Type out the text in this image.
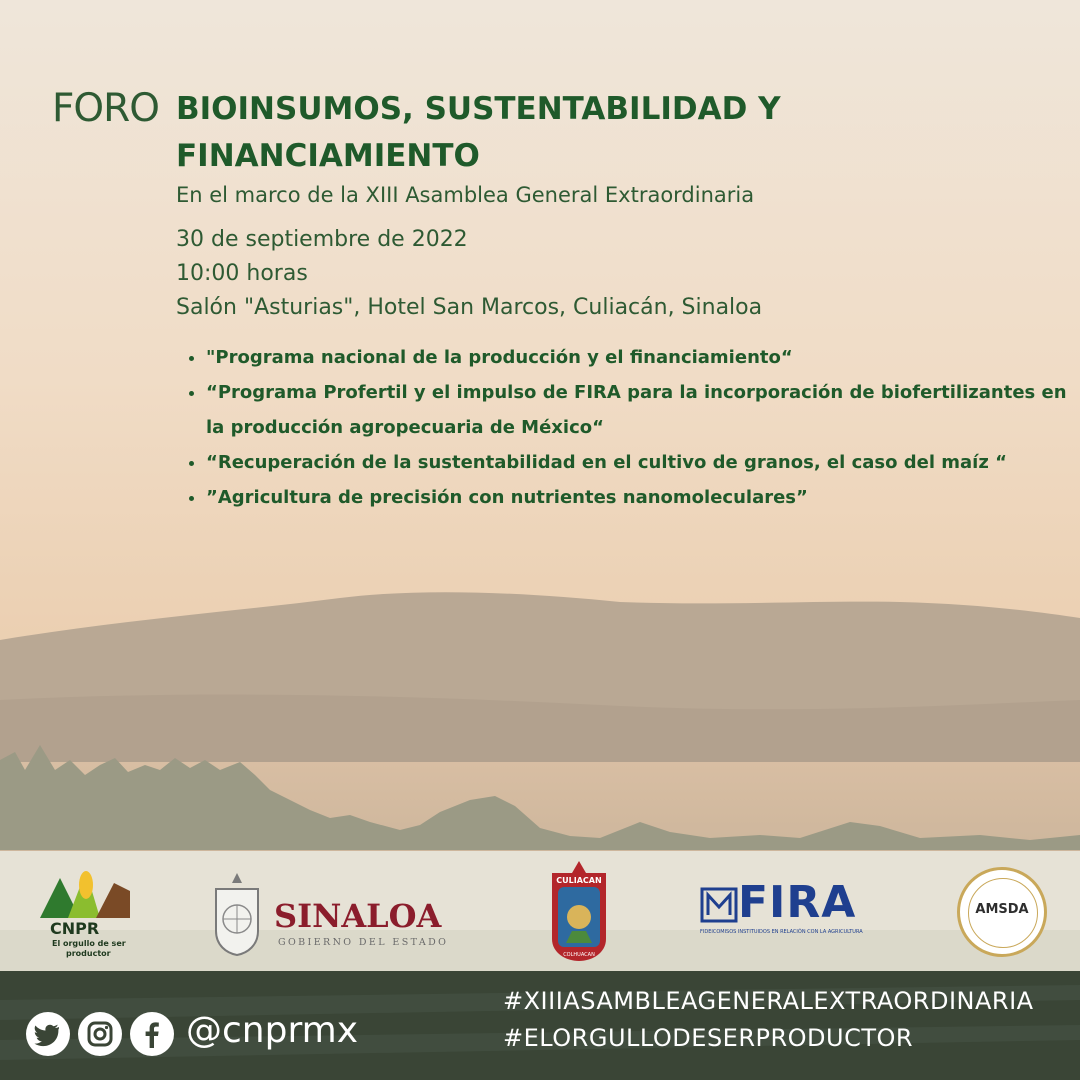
FORO BIOINSUMOS, SUSTENTABILIDAD Y FINANCIAMIENTO
En el marco de la XIII Asamblea General Extraordinaria
30 de septiembre de 2022
10:00 horas
Salón "Asturias", Hotel San Marcos, Culiacán, Sinaloa
• "Programa nacional de la producción y el financiamiento“
• “Programa Profertil y el impulso de FIRA para la incorporación de biofertilizantes en la producción agropecuaria de México“
• “Recuperación de la sustentabilidad en el cultivo de granos, el caso del maíz “
• ”Agricultura de precisión con nutrientes nanomoleculares”
CNPR
El orgullo de ser
productor
SINALOA
GOBIERNO DEL ESTADO
CULIACAN
COLHUACAN
FIRA
FIDEICOMISOS INSTITUIDOS EN RELACIÓN CON LA AGRICULTURA
AMSDA
@cnprmx
#XIIIASAMBLEAGENERALEXTRAORDINARIA
#ELORGULLODESERPRODUCTOR
